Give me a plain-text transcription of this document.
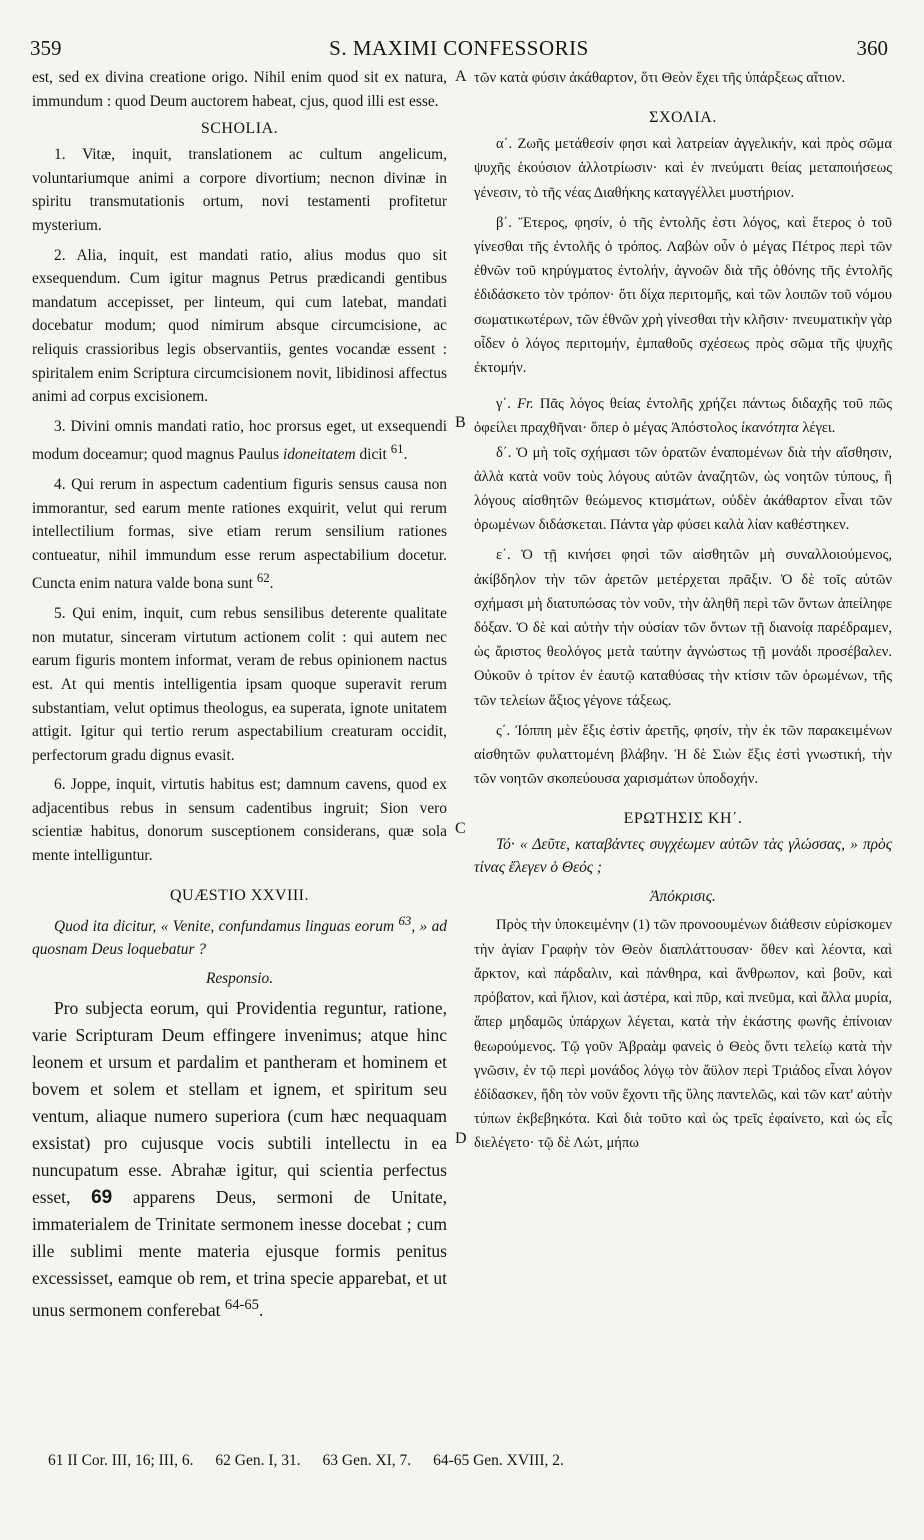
359	S. MAXIMI CONFESSORIS	360
A
B
C
D

est, sed ex divina creatione origo. Nihil enim quod sit ex natura, immundum : quod Deum auctorem habeat, cjus, quod illi est esse.

SCHOLIA.

1. Vitæ, inquit, translationem ac cultum angelicum, voluntariumque animi a corpore divortium; necnon divinæ in spiritu transmutationis ortum, novi testamenti profitetur mysterium.

2. Alia, inquit, est mandati ratio, alius modus quo sit exsequendum. Cum igitur magnus Petrus prædicandi gentibus mandatum accepisset, per linteum, qui cum latebat, mandati docebatur modum; quod nimirum absque circumcisione, ac reliquis crassioribus legis observantiis, gentes vocandæ essent : spiritalem enim Scriptura circumcisionem novit, libidinosi affectus animi ad corpus excisionem.

3. Divini omnis mandati ratio, hoc prorsus eget, ut exsequendi modum doceamur; quod magnus Paulus idoneitatem dicit $^{61}$.

4. Qui rerum in aspectum cadentium figuris sensus causa non immorantur, sed earum mente rationes exquirit, velut qui rerum intellectilium formas, sive etiam rerum sensilium rationes contueatur, nihil immundum esse rerum aspectabilium docetur. Cuncta enim natura valde bona sunt $^{62}$.

5. Qui enim, inquit, cum rebus sensilibus deterente qualitate non mutatur, sinceram virtutum actionem colit : qui autem nec earum figuris montem informat, veram de rebus opinionem nactus est. At qui mentis intelligentia ipsam quoque superavit rerum substantiam, velut optimus theologus, ea superata, ignote unitatem attigit. Igitur qui tertio rerum aspectabilium creaturam occidit, perfectorum gradu dignus evasit.

6. Joppe, inquit, virtutis habitus est; damnum cavens, quod ex adjacentibus rebus in sensum cadentibus ingruit; Sion vero scientiæ habitus, donorum susceptionem considerans, quæ sola mente intelliguntur.

QUÆSTIO XXVIII.

Quod ita dicitur, « Venite, confundamus linguas eorum $^{63}$, » ad quosnam Deus loquebatur ?

Responsio.

Pro subjecta eorum, qui Providentia reguntur, ratione, varie Scripturam Deum effingere invenimus; atque hinc leonem et ursum et pardalim et pantheram et hominem et bovem et solem et stellam et ignem, et spiritum seu ventum, aliaque numero superiora (cum hæc nequaquam exsistat) pro cujusque vocis subtili intellectu in ea nuncupatum esse. Abrahæ igitur, qui scientia perfectus esset, 69 apparens Deus, sermoni de Unitate, immaterialem de Trinitate sermonem inesse docebat ; cum ille sublimi mente materia ejusque formis penitus excessisset, eamque ob rem, et trina specie apparebat, et ut unus sermonem conferebat $^{64-65}$.

τῶν κατὰ φύσιν ἀκάθαρτον, ὅτι Θεὸν ἔχει τῆς ὑπάρξεως αἴτιον.

ΣΧΟΛΙΑ.

α΄. Ζωῆς μετάθεσίν φησι καὶ λατρείαν ἀγγελικήν, καὶ πρὸς σῶμα ψυχῆς ἑκούσιον ἀλλοτρίωσιν· καὶ ἐν πνεύματι θείας μεταποιήσεως γένεσιν, τὸ τῆς νέας Διαθήκης καταγγέλλει μυστήριον.

β΄. Ἕτερος, φησίν, ὁ τῆς ἐντολῆς ἐστι λόγος, καὶ ἕτερος ὁ τοῦ γίνεσθαι τῆς ἐντολῆς ὁ τρόπος. Λαβὼν οὖν ὁ μέγας Πέτρος περὶ τῶν ἐθνῶν τοῦ κηρύγματος ἐντολήν, ἀγνοῶν διὰ τῆς ὀθόνης τῆς ἐντολῆς ἐδιδάσκετο τὸν τρόπον· ὅτι δίχα περιτομῆς, καὶ τῶν λοιπῶν τοῦ νόμου σωματικωτέρων, τῶν ἐθνῶν χρὴ γίνεσθαι τὴν κλῆσιν· πνευματικὴν γὰρ οἶδεν ὁ λόγος περιτομήν, ἐμπαθοῦς σχέσεως πρὸς σῶμα τῆς ψυχῆς ἐκτομήν.

γ΄. Fr. Πᾶς λόγος θείας ἐντολῆς χρήζει πάντως διδαχῆς τοῦ πῶς ὀφείλει πραχθῆναι· ὅπερ ὁ μέγας Ἀπόστολος ἱκανότητα λέγει.

δ΄. Ὁ μὴ τοῖς σχήμασι τῶν ὁρατῶν ἐναπομένων διὰ τὴν αἴσθησιν, ἀλλὰ κατὰ νοῦν τοὺς λόγους αὐτῶν ἀναζητῶν, ὡς νοητῶν τύπους, ἢ λόγους αἰσθητῶν θεώμενος κτισμάτων, οὐδὲν ἀκάθαρτον εἶναι τῶν ὁρωμένων διδάσκεται. Πάντα γὰρ φύσει καλὰ λίαν καθέστηκεν.

ε΄. Ὁ τῇ κινήσει φησὶ τῶν αἰσθητῶν μὴ συναλλοιούμενος, ἀκίβδηλον τὴν τῶν ἀρετῶν μετέρχεται πρᾶξιν. Ὁ δὲ τοῖς αὐτῶν σχήμασι μὴ διατυπώσας τὸν νοῦν, τὴν ἀληθῆ περὶ τῶν ὄντων ἀπείληφε δόξαν. Ὁ δὲ καὶ αὐτὴν τὴν οὐσίαν τῶν ὄντων τῇ διανοίᾳ παρέδραμεν, ὡς ἄριστος θεολόγος μετὰ ταύτην ἀγνώστως τῇ μονάδι προσέβαλεν. Οὐκοῦν ὁ τρίτον ἐν ἑαυτῷ καταθύσας τὴν κτίσιν τῶν ὁρωμένων, τῆς τῶν τελείων ἄξιος γέγονε τάξεως.

ς΄. Ἰόππη μὲν ἕξις ἐστὶν ἀρετῆς, φησίν, τὴν ἐκ τῶν παρακειμένων αἰσθητῶν φυλαττομένη βλάβην. Ἡ δὲ Σιὼν ἕξις ἐστὶ γνωστική, τὴν τῶν νοητῶν σκοπεύουσα χαρισμάτων ὑποδοχήν.

ΕΡΩΤΗΣΙΣ ΚΗ΄.

Τό· « Δεῦτε, καταβάντες συγχέωμεν αὐτῶν τὰς γλώσσας, » πρὸς τίνας ἔλεγεν ὁ Θεός ;

Ἀπόκρισις.

Πρὸς τὴν ὑποκειμένην (1) τῶν προνοουμένων διάθεσιν εὑρίσκομεν τὴν ἁγίαν Γραφὴν τὸν Θεὸν διαπλάττουσαν· ὅθεν καὶ λέοντα, καὶ ἄρκτον, καὶ πάρδαλιν, καὶ πάνθηρα, καὶ ἄνθρωπον, καὶ βοῦν, καὶ πρόβατον, καὶ ἥλιον, καὶ ἀστέρα, καὶ πῦρ, καὶ πνεῦμα, καὶ ἄλλα μυρία, ἅπερ μηδαμῶς ὑπάρχων λέγεται, κατὰ τὴν ἑκάστης φωνῆς ἐπίνοιαν θεωρούμενος. Τῷ γοῦν Ἀβραὰμ φανεὶς ὁ Θεὸς ὄντι τελείῳ κατὰ τὴν γνῶσιν, ἐν τῷ περὶ μονάδος λόγῳ τὸν ἄϋλον περὶ Τριάδος εἶναι λόγον ἐδίδασκεν, ἤδη τὸν νοῦν ἔχοντι τῆς ὕλης παντελῶς, καὶ τῶν κατ' αὐτὴν τύπων ἐκβεβηκότα. Καὶ διὰ τοῦτο καὶ ὡς τρεῖς ἐφαίνετο, καὶ ὡς εἷς διελέγετο· τῷ δὲ Λώτ, μήπω

61 II Cor. III, 16; III, 6. 62 Gen. I, 31. 63 Gen. XI, 7. 64-65 Gen. XVIII, 2.
